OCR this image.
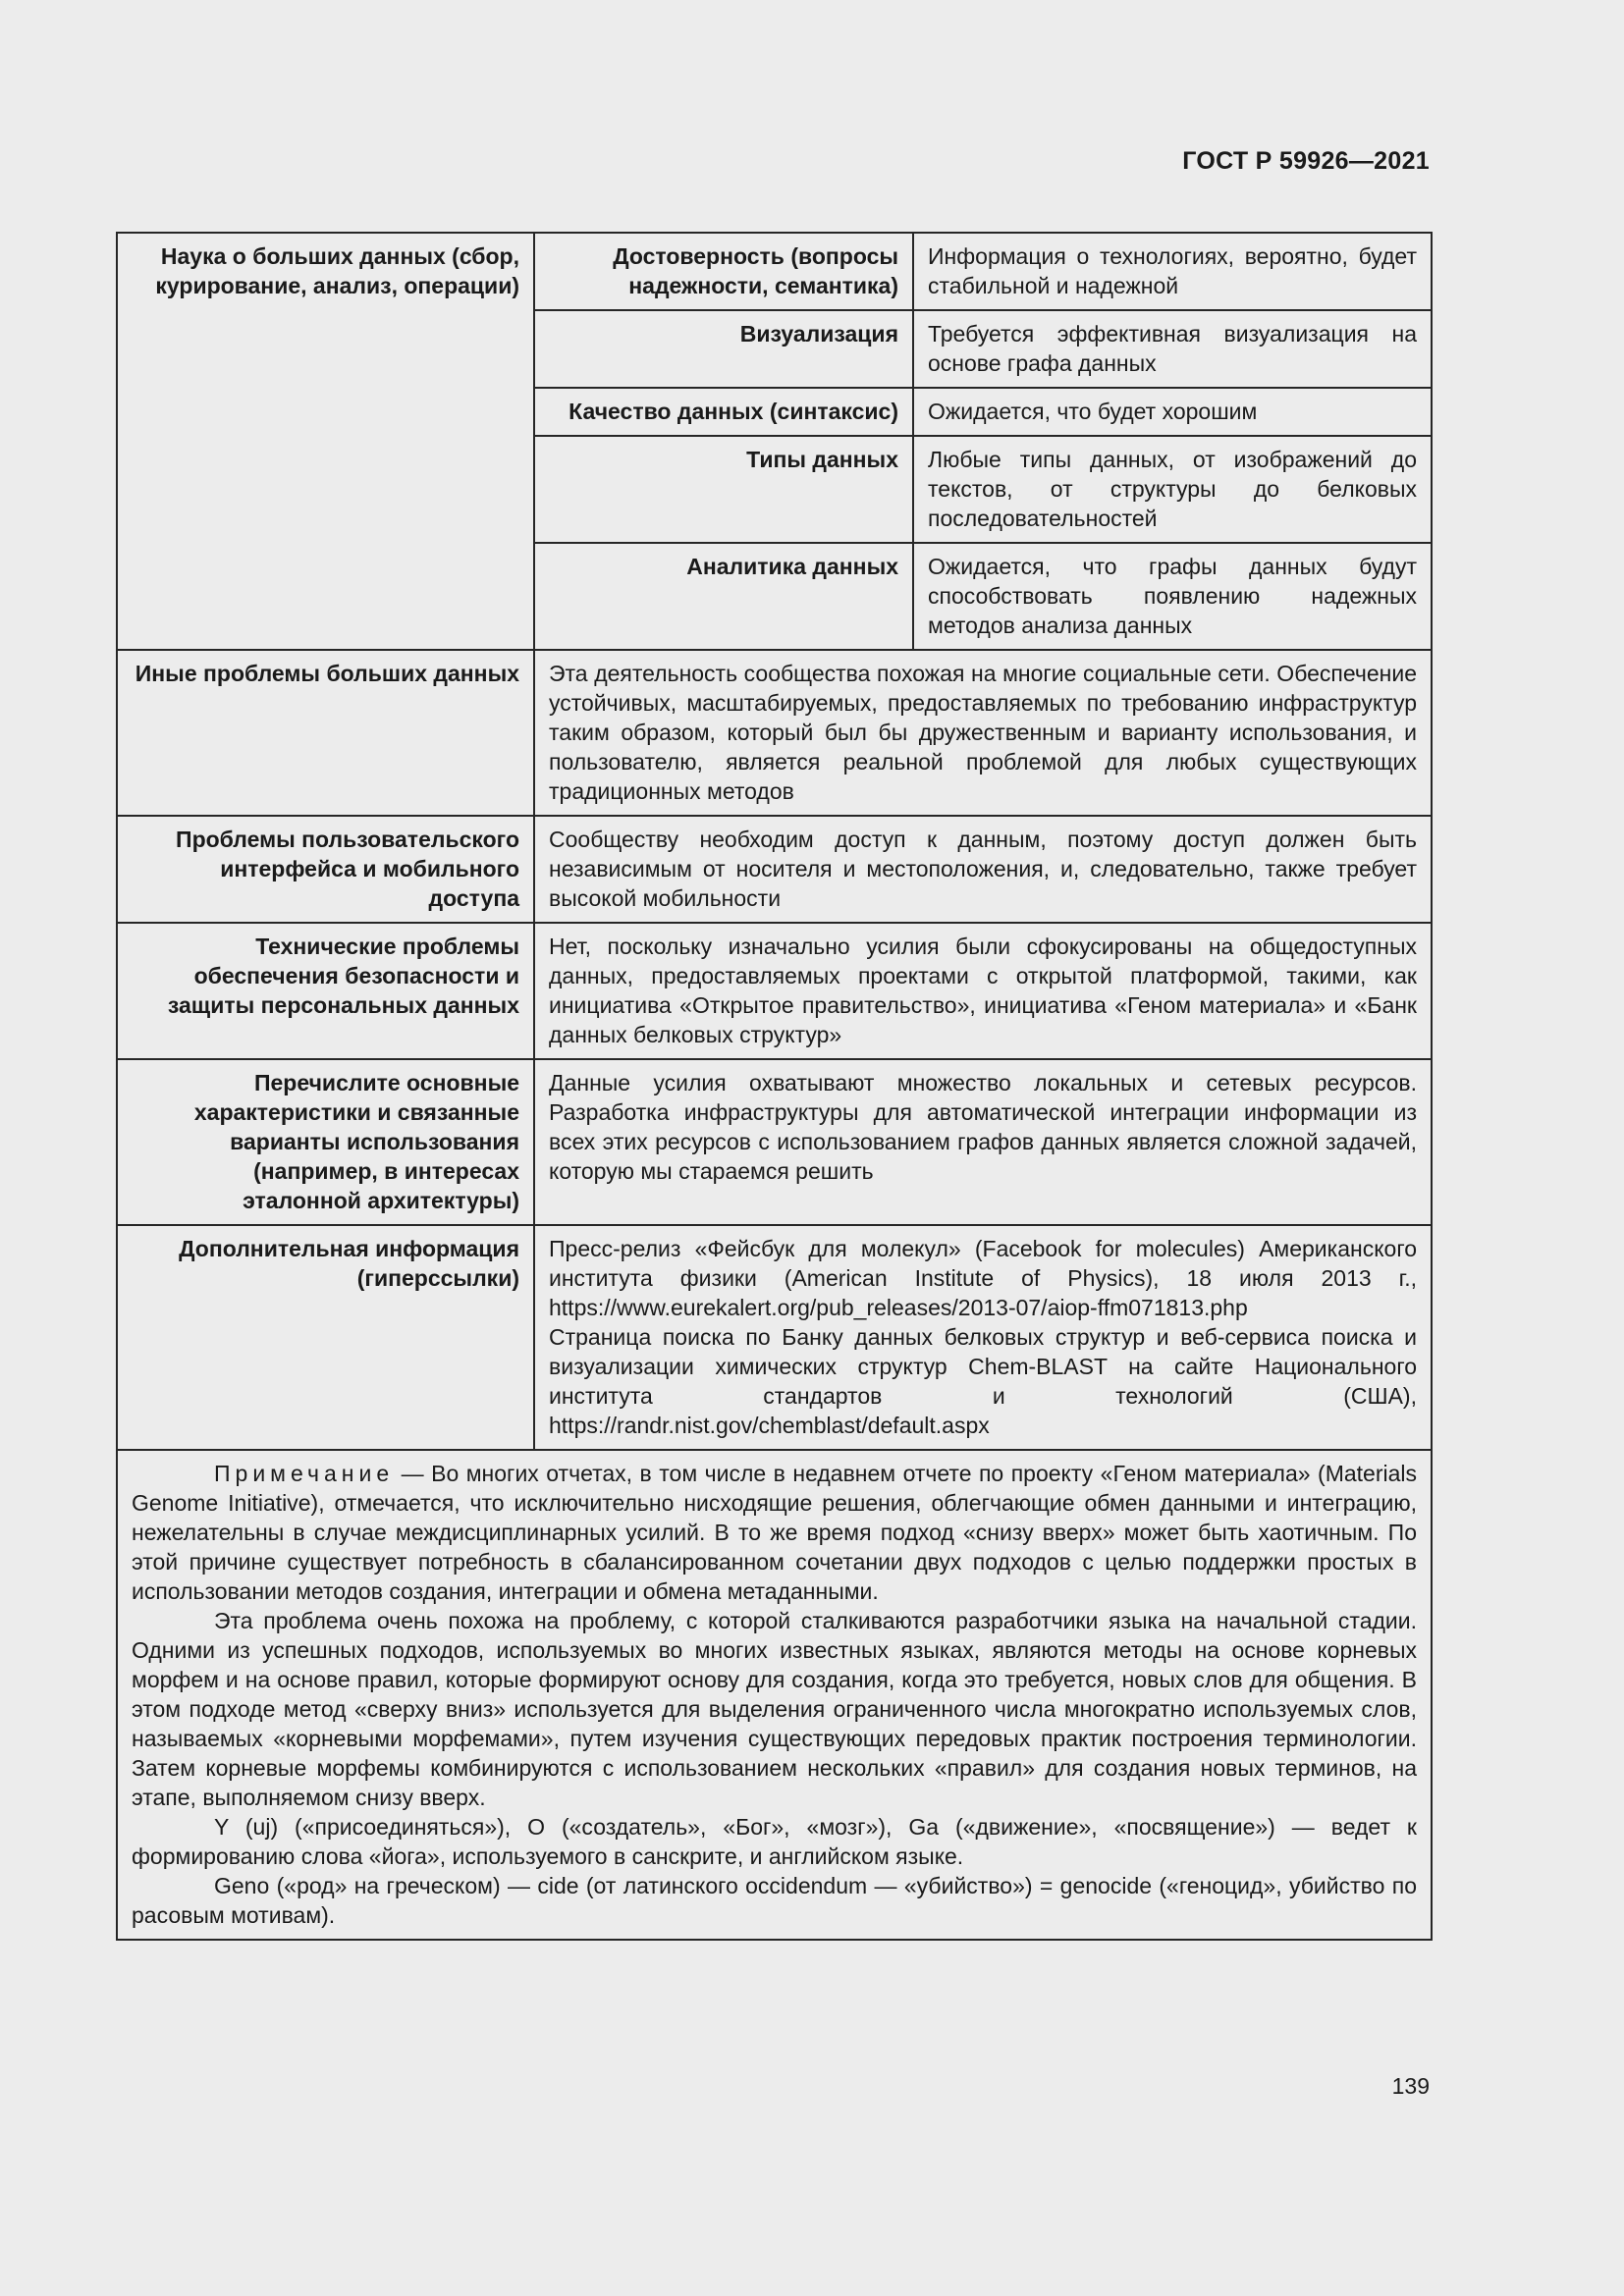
ГОСТ Р 59926—2021
Наука о больших данных (сбор, курирование, анализ, операции)	Достоверность (вопросы надежности, семантика)	Информация о технологиях, вероятно, будет стабильной и надежной
	Визуализация	Требуется эффективная визуализация на основе графа данных
	Качество данных (синтаксис)	Ожидается, что будет хорошим
	Типы данных	Любые типы данных, от изображений до текстов, от структуры до белковых последовательностей
	Аналитика данных	Ожидается, что графы данных будут способствовать появлению надежных методов анализа данных
Иные проблемы больших данных	Эта деятельность сообщества похожая на многие социальные сети. Обеспечение устойчивых, масштабируемых, предоставляемых по требованию инфраструктур таким образом, который был бы дружественным и варианту использования, и пользователю, является реальной проблемой для любых существующих традиционных методов	
Проблемы пользовательского интерфейса и мобильного доступа	Сообществу необходим доступ к данным, поэтому доступ должен быть независимым от носителя и местоположения, и, следовательно, также требует высокой мобильности	
Технические проблемы обеспечения безопасности и защиты персональных данных	Нет, поскольку изначально усилия были сфокусированы на общедоступных данных, предоставляемых проектами с открытой платформой, такими, как инициатива «Открытое правительство», инициатива «Геном материала» и «Банк данных белковых структур»	
Перечислите основные характеристики и связанные варианты использования (например, в интересах эталонной архитектуры)	Данные усилия охватывают множество локальных и сетевых ресурсов. Разработка инфраструктуры для автоматической интеграции информации из всех этих ресурсов с использованием графов данных является сложной задачей, которую мы стараемся решить	
Дополнительная информация (гиперссылки)	Пресс-релиз «Фейсбук для молекул» (Facebook for molecules) Американского института физики (American Institute of Physics), 18 июля 2013 г., https://www.eurekalert.org/pub_releases/2013-07/aiop-ffm071813.php
Страница поиска по Банку данных белковых структур и веб-сервиса поиска и визуализации химических структур Chem-BLAST на сайте Национального института стандартов и технологий (США), https://randr.nist.gov/chemblast/default.aspx	

Примечание — Во многих отчетах, в том числе в недавнем отчете по проекту «Геном материала» (Materials Genome Initiative), отмечается, что исключительно нисходящие решения, облегчающие обмен данными и интеграцию, нежелательны в случае междисциплинарных усилий. В то же время подход «снизу вверх» может быть хаотичным. По этой причине существует потребность в сбалансированном сочетании двух подходов с целью поддержки простых в использовании методов создания, интеграции и обмена метаданными.

Эта проблема очень похожа на проблему, с которой сталкиваются разработчики языка на начальной стадии. Одними из успешных подходов, используемых во многих известных языках, являются методы на основе корневых морфем и на основе правил, которые формируют основу для создания, когда это требуется, новых слов для общения. В этом подходе метод «сверху вниз» используется для выделения ограниченного числа многократно используемых слов, называемых «корневыми морфемами», путем изучения существующих передовых практик построения терминологии. Затем корневые морфемы комбинируются с использованием нескольких «правил» для создания новых терминов, на этапе, выполняемом снизу вверх.

Y (uj) («присоединяться»), O («создатель», «Бог», «мозг»), Ga («движение», «посвящение») — ведет к формированию слова «йога», используемого в санскрите, и английском языке.

Geno («род» на греческом) — cide (от латинского occidendum — «убийство») = genocide («геноцид», убийство по расовым мотивам).		

139
